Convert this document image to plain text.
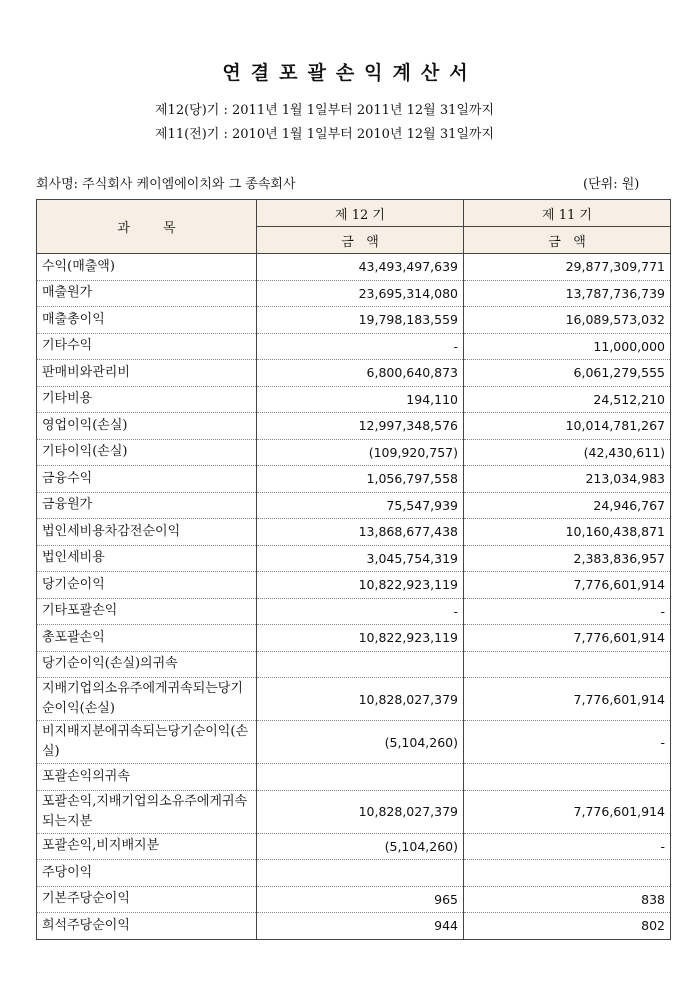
연결포괄손익계산서
제12(당)기 : 2011년 1월 1일부터 2011년 12월 31일까지
제11(전)기 : 2010년 1월 1일부터 2010년 12월 31일까지
회사명: 주식회사 케이엠에이치와 그 종속회사	(단위: 원)
과        목	제 12 기	제 11 기
	금   액	금   액
수익(매출액)	43,493,497,639	29,877,309,771
매출원가	23,695,314,080	13,787,736,739
매출총이익	19,798,183,559	16,089,573,032
기타수익	-	11,000,000
판매비와관리비	6,800,640,873	6,061,279,555
기타비용	194,110	24,512,210
영업이익(손실)	12,997,348,576	10,014,781,267
기타이익(손실)	(109,920,757)	(42,430,611)
금융수익	1,056,797,558	213,034,983
금융원가	75,547,939	24,946,767
법인세비용차감전순이익	13,868,677,438	10,160,438,871
법인세비용	3,045,754,319	2,383,836,957
당기순이익	10,822,923,119	7,776,601,914
기타포괄손익	-	-
총포괄손익	10,822,923,119	7,776,601,914
당기순이익(손실)의귀속		
지배기업의소유주에게귀속되는당기순이익(손실)	10,828,027,379	7,776,601,914
비지배지분에귀속되는당기순이익(손실)	(5,104,260)	-
포괄손익의귀속		
포괄손익,지배기업의소유주에게귀속되는지분	10,828,027,379	7,776,601,914
포괄손익,비지배지분	(5,104,260)	-
주당이익		
기본주당순이익	965	838
희석주당순이익	944	802
